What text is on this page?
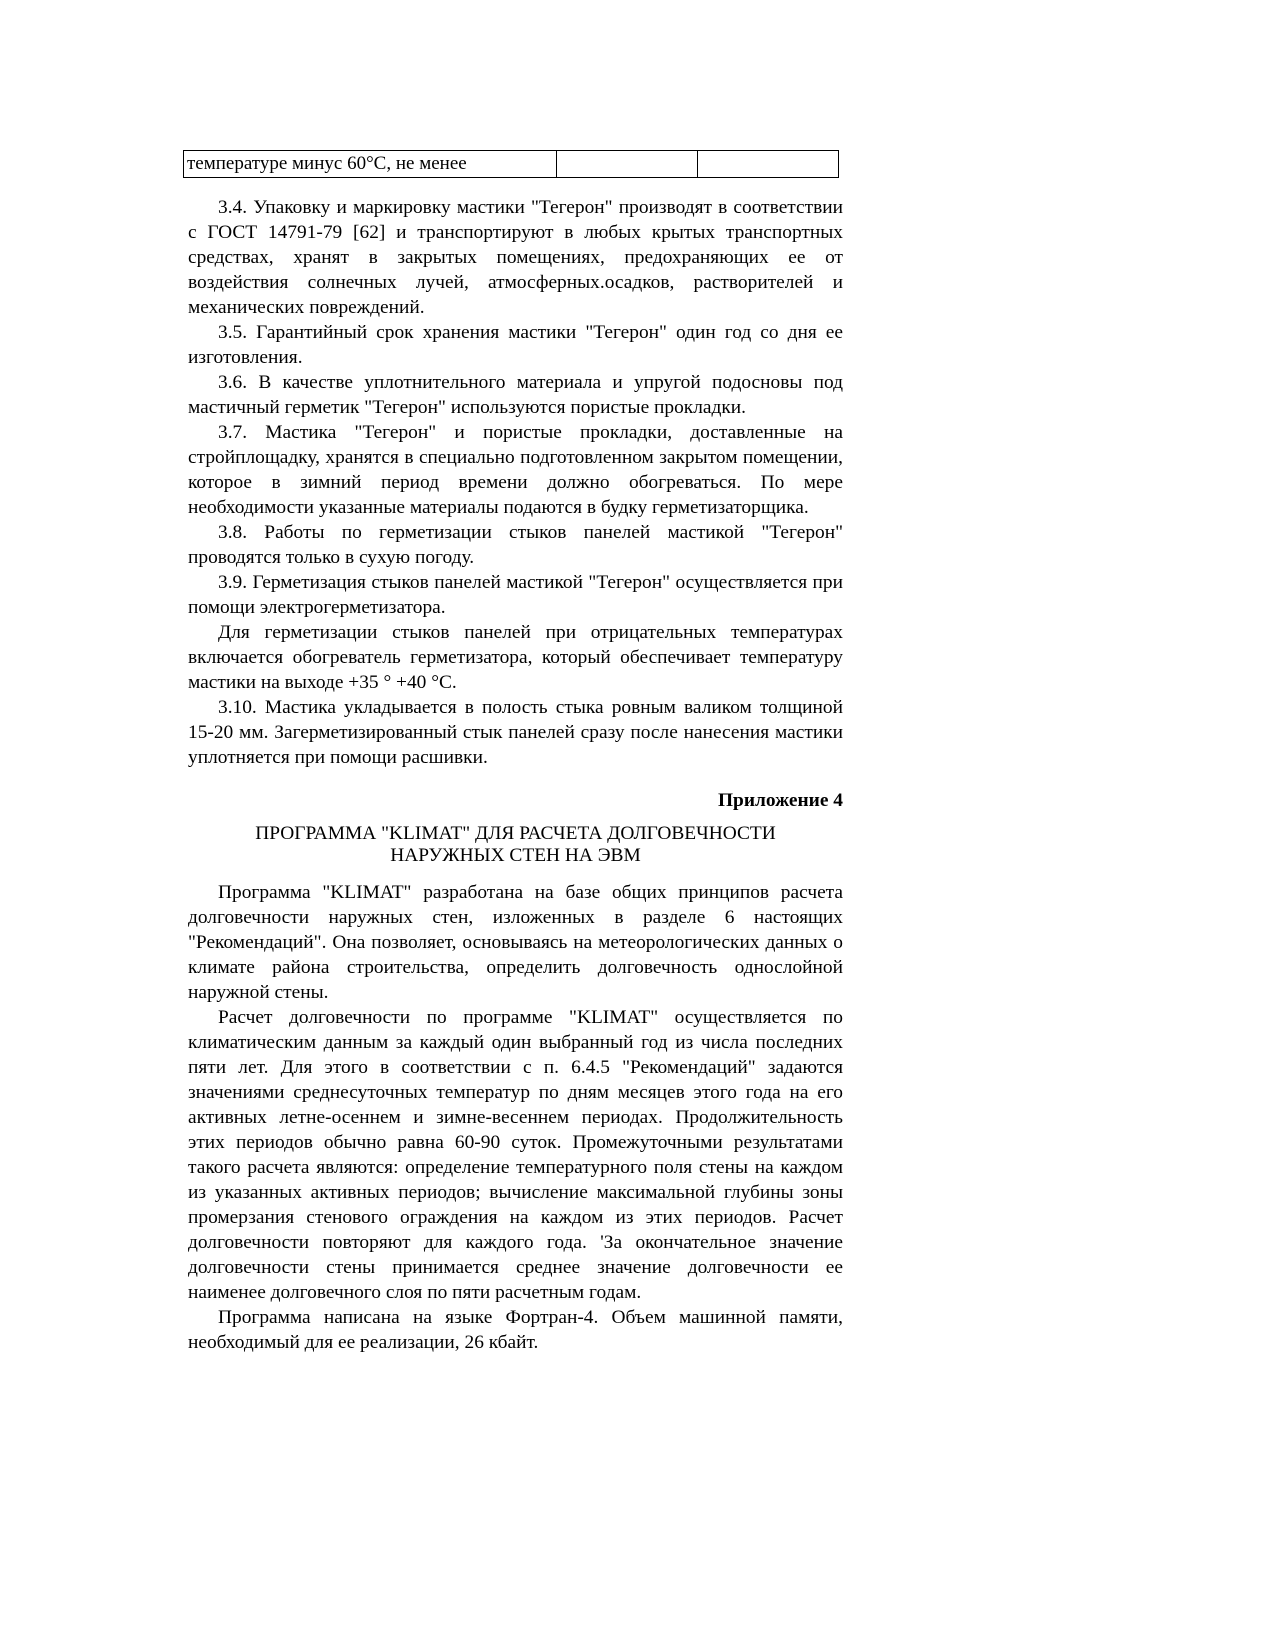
температуре минус 60°С, не менее		

3.4. Упаковку и маркировку мастики "Тегерон" производят в соответствии с ГОСТ 14791-79 [62] и транспортируют в любых крытых транспортных средствах, хранят в закрытых помещениях, предохраняющих ее от воздействия солнечных лучей, атмосферных.осадков, растворителей и механических повреждений.

3.5. Гарантийный срок хранения мастики "Тегерон" один год со дня ее изготовления.

3.6. В качестве уплотнительного материала и упругой подосновы под мастичный герметик "Тегерон" используются пористые прокладки.

3.7. Мастика "Тегерон" и пористые прокладки, доставленные на стройплощадку, хранятся в специально подготовленном закрытом помещении, которое в зимний период времени должно обогреваться. По мере необходимости указанные материалы подаются в будку герметизаторщика.

3.8. Работы по герметизации стыков панелей мастикой "Тегерон" проводятся только в сухую погоду.

3.9. Герметизация стыков панелей мастикой "Тегерон" осуществляется при помощи электрогерметизатора.

Для герметизации стыков панелей при отрицательных температурах включается обогреватель герметизатора, который обеспечивает температуру мастики на выходе +35 ° +40 °С.

3.10. Мастика укладывается в полость стыка ровным валиком толщиной 15-20 мм. Загерметизированный стык панелей сразу после нанесения мастики уплотняется при помощи расшивки.

Приложение 4

ПРОГРАММА "KLIMAT" ДЛЯ РАСЧЕТА ДОЛГОВЕЧНОСТИ
НАРУЖНЫХ СТЕН НА ЭВМ

Программа "KLIMAT" разработана на базе общих принципов расчета долговечности наружных стен, изложенных в разделе 6 настоящих "Рекомендаций". Она позволяет, основываясь на метеорологических данных о климате района строительства, определить долговечность однослойной наружной стены.

Расчет долговечности по программе "KLIMAT" осуществляется по климатическим данным за каждый один выбранный год из числа последних пяти лет. Для этого в соответствии с п. 6.4.5 "Рекомендаций" задаются значениями среднесуточных температур по дням месяцев этого года на его активных летне-осеннем и зимне-весеннем периодах. Продолжительность этих периодов обычно равна 60-90 суток. Промежуточными результатами такого расчета являются: определение температурного поля стены на каждом из указанных активных периодов; вычисление максимальной глубины зоны промерзания стенового ограждения на каждом из этих периодов. Расчет долговечности повторяют для каждого года. 'За окончательное значение долговечности стены принимается среднее значение долговечности ее наименее долговечного слоя по пяти расчетным годам.

Программа написана на языке Фортран-4. Объем машинной памяти, необходимый для ее реализации, 26 кбайт.
